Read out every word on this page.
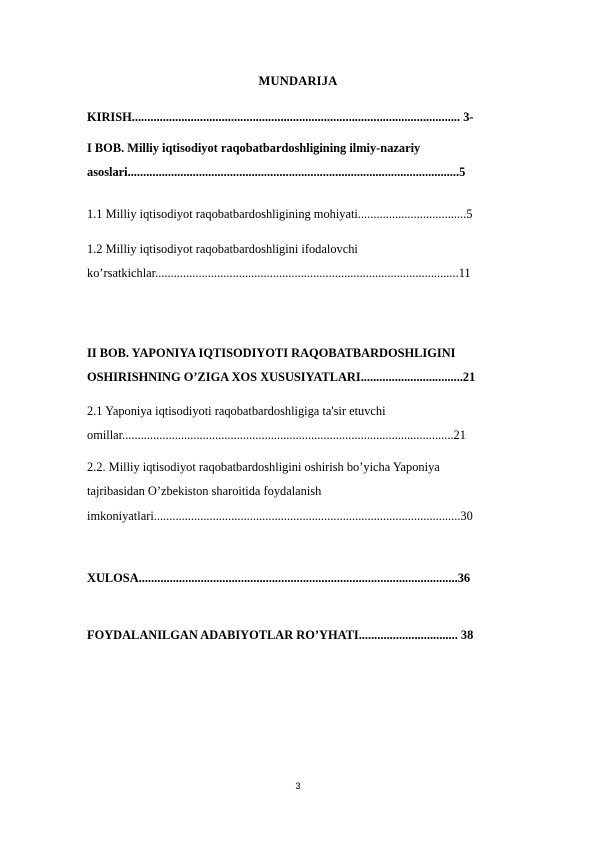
MUNDARIJA
KIRISH.......................................................................................................... 3-
I BOB. Milliy iqtisodiyot raqobatbardoshligining ilmiy-nazariy
asoslari...........................................................................................................5
1.1 Milliy iqtisodiyot raqobatbardoshligining mohiyati...................................5
1.2 Milliy iqtisodiyot raqobatbardoshligini ifodalovchi
ko’rsatkichlar..................................................................................................11
II BOB. YAPONIYA IQTISODIYOTI RAQOBATBARDOSHLIGINI
OSHIRISHNING O’ZIGA XOS XUSUSIYATLARI.................................21
2.1 Yaponiya iqtisodiyoti raqobatbardoshligiga ta'sir etuvchi
omillar...........................................................................................................21
2.2. Milliy iqtisodiyot raqobatbardoshligini oshirish bo’yicha Yaponiya
tajribasidan O’zbekiston sharoitida foydalanish
imkoniyatlari...................................................................................................30
XULOSA.......................................................................................................36
FOYDALANILGAN ADABIYOTLAR RO’YHATI................................ 38
3
